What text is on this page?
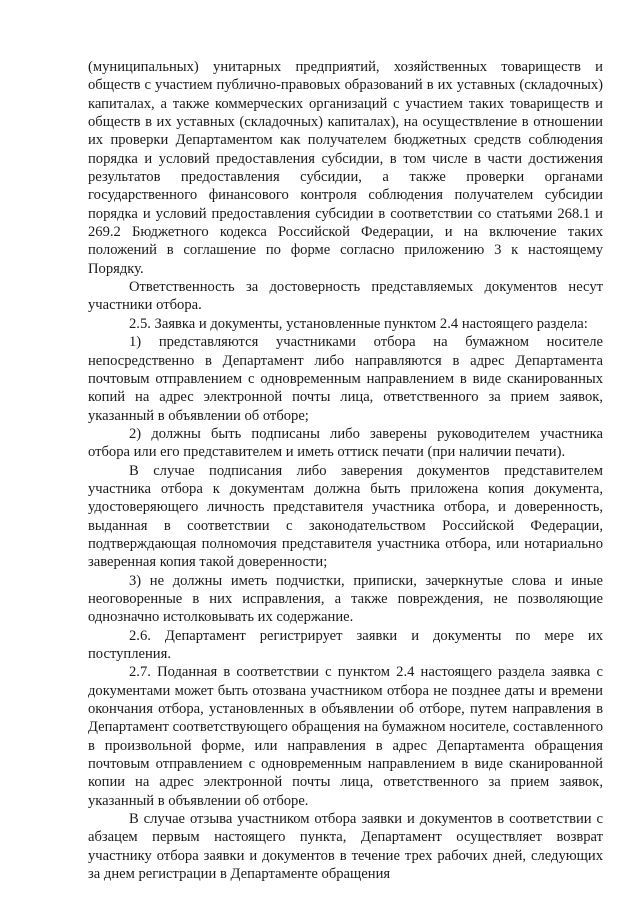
(муниципальных) унитарных предприятий, хозяйственных товариществ и обществ с участием публично-правовых образований в их уставных (складочных) капиталах, а также коммерческих организаций с участием таких товариществ и обществ в их уставных (складочных) капиталах), на осуществление в отношении их проверки Департаментом как получателем бюджетных средств соблюдения порядка и условий предоставления субсидии, в том числе в части достижения результатов предоставления субсидии, а также проверки органами государственного финансового контроля соблюдения получателем субсидии порядка и условий предоставления субсидии в соответствии со статьями 268.1 и 269.2 Бюджетного кодекса Российской Федерации, и на включение таких положений в соглашение по форме согласно приложению 3 к настоящему Порядку.

Ответственность за достоверность представляемых документов несут участники отбора.

2.5. Заявка и документы, установленные пунктом 2.4 настоящего раздела:

1) представляются участниками отбора на бумажном носителе непосредственно в Департамент либо направляются в адрес Департамента почтовым отправлением с одновременным направлением в виде сканированных копий на адрес электронной почты лица, ответственного за прием заявок, указанный в объявлении об отборе;

2) должны быть подписаны либо заверены руководителем участника отбора или его представителем и иметь оттиск печати (при наличии печати).

В случае подписания либо заверения документов представителем участника отбора к документам должна быть приложена копия документа, удостоверяющего личность представителя участника отбора, и доверенность, выданная в соответствии с законодательством Российской Федерации, подтверждающая полномочия представителя участника отбора, или нотариально заверенная копия такой доверенности;

3) не должны иметь подчистки, приписки, зачеркнутые слова и иные неоговоренные в них исправления, а также повреждения, не позволяющие однозначно истолковывать их содержание.

2.6. Департамент регистрирует заявки и документы по мере их поступления.

2.7. Поданная в соответствии с пунктом 2.4 настоящего раздела заявка с документами может быть отозвана участником отбора не позднее даты и времени окончания отбора, установленных в объявлении об отборе, путем направления в Департамент соответствующего обращения на бумажном носителе, составленного в произвольной форме, или направления в адрес Департамента обращения почтовым отправлением с одновременным направлением в виде сканированной копии на адрес электронной почты лица, ответственного за прием заявок, указанный в объявлении об отборе.

В случае отзыва участником отбора заявки и документов в соответствии с абзацем первым настоящего пункта, Департамент осуществляет возврат участнику отбора заявки и документов в течение трех рабочих дней, следующих за днем регистрации в Департаменте обращения
